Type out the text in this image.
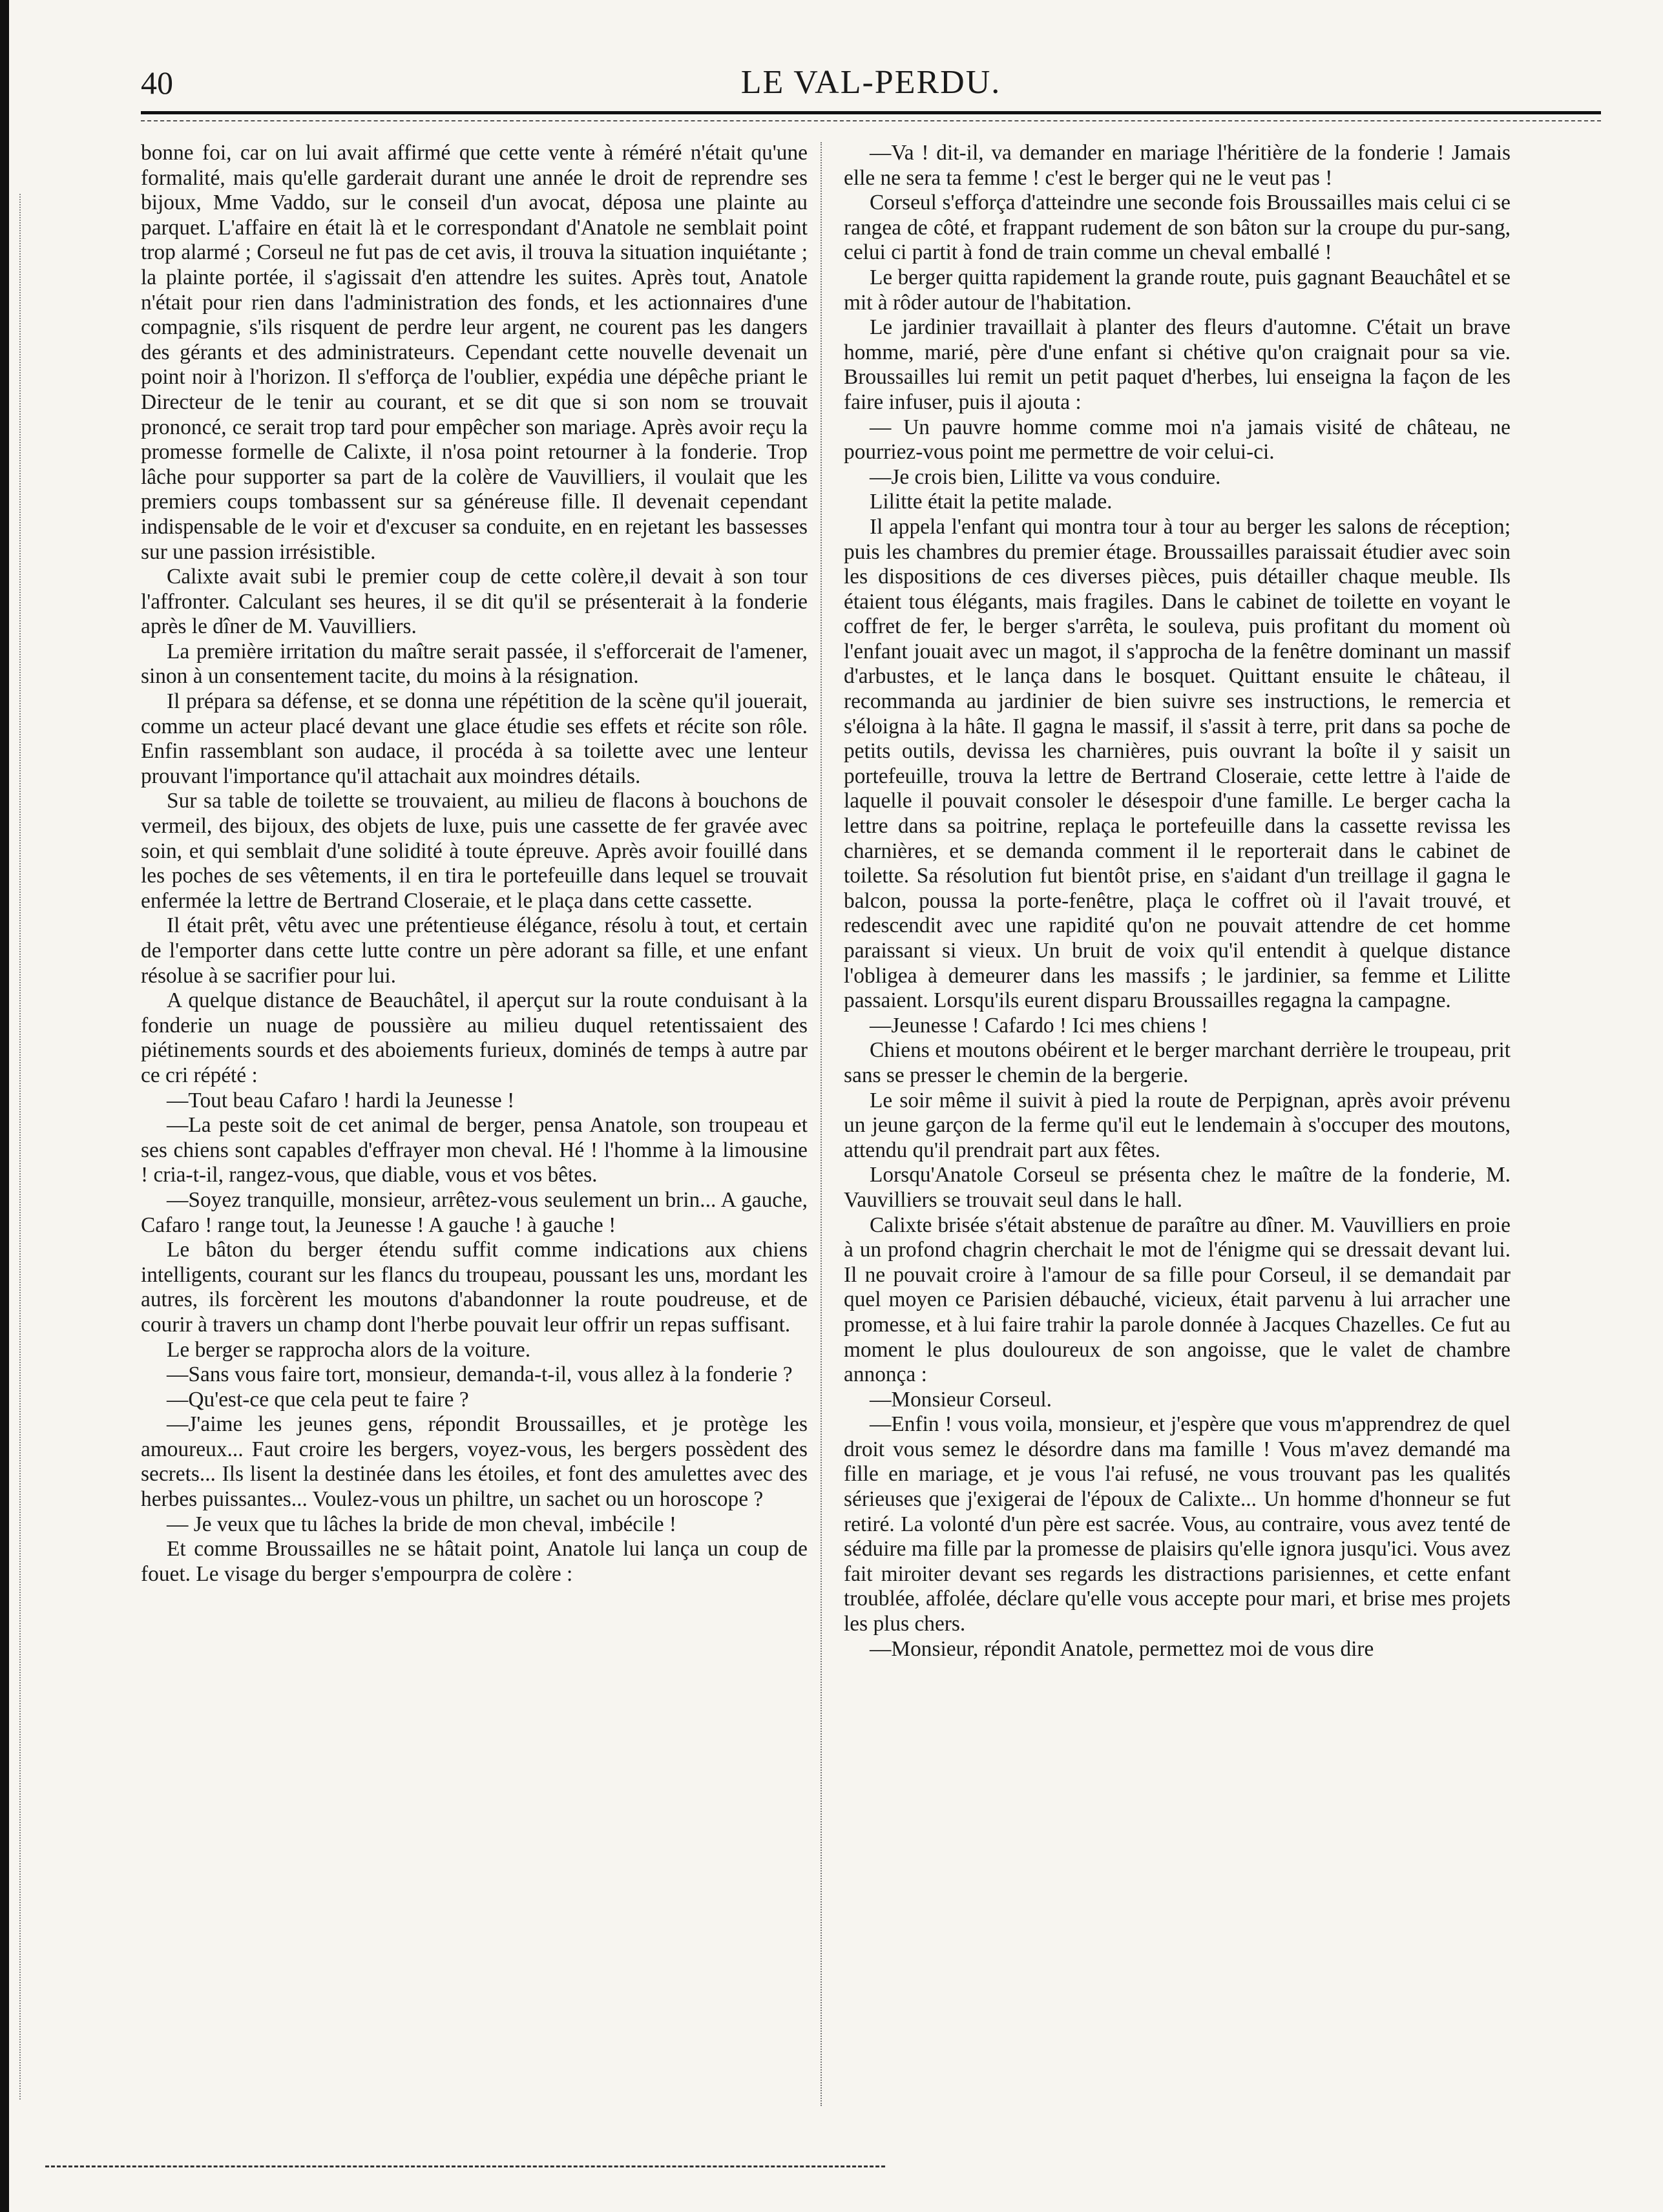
LE VAL-PERDU.
40

bonne foi, car on lui avait affirmé que cette vente à réméré n'était qu'une formalité, mais qu'elle garderait durant une année le droit de reprendre ses bijoux, Mme Vaddo, sur le conseil d'un avocat, déposa une plainte au parquet. L'affaire en était là et le correspondant d'Anatole ne semblait point trop alarmé ; Corseul ne fut pas de cet avis, il trouva la situation inquiétante ; la plainte portée, il s'agissait d'en attendre les suites. Après tout, Anatole n'était pour rien dans l'administration des fonds, et les actionnaires d'une compagnie, s'ils risquent de perdre leur argent, ne courent pas les dangers des gérants et des administrateurs. Cependant cette nouvelle devenait un point noir à l'horizon. Il s'efforça de l'oublier, expédia une dépêche priant le Directeur de le tenir au courant, et se dit que si son nom se trouvait prononcé, ce serait trop tard pour empêcher son mariage. Après avoir reçu la promesse formelle de Calixte, il n'osa point retourner à la fonderie. Trop lâche pour supporter sa part de la colère de Vauvilliers, il voulait que les premiers coups tombassent sur sa généreuse fille. Il devenait cependant indispensable de le voir et d'excuser sa conduite, en en rejetant les bassesses sur une passion irrésistible.

Calixte avait subi le premier coup de cette colère,il devait à son tour l'affronter. Calculant ses heures, il se dit qu'il se présenterait à la fonderie après le dîner de M. Vauvilliers.

La première irritation du maître serait passée, il s'efforcerait de l'amener, sinon à un consentement tacite, du moins à la résignation.

Il prépara sa défense, et se donna une répétition de la scène qu'il jouerait, comme un acteur placé devant une glace étudie ses effets et récite son rôle. Enfin rassemblant son audace, il procéda à sa toilette avec une lenteur prouvant l'importance qu'il attachait aux moindres détails.

Sur sa table de toilette se trouvaient, au milieu de flacons à bouchons de vermeil, des bijoux, des objets de luxe, puis une cassette de fer gravée avec soin, et qui semblait d'une solidité à toute épreuve. Après avoir fouillé dans les poches de ses vêtements, il en tira le portefeuille dans lequel se trouvait enfermée la lettre de Bertrand Closeraie, et le plaça dans cette cassette.

Il était prêt, vêtu avec une prétentieuse élégance, résolu à tout, et certain de l'emporter dans cette lutte contre un père adorant sa fille, et une enfant résolue à se sacrifier pour lui.

A quelque distance de Beauchâtel, il aperçut sur la route conduisant à la fonderie un nuage de poussière au milieu duquel retentissaient des piétinements sourds et des aboiements furieux, dominés de temps à autre par ce cri répété :

—Tout beau Cafaro ! hardi la Jeunesse !

—La peste soit de cet animal de berger, pensa Anatole, son troupeau et ses chiens sont capables d'effrayer mon cheval. Hé ! l'homme à la limousine ! cria-t-il, rangez-vous, que diable, vous et vos bêtes.

—Soyez tranquille, monsieur, arrêtez-vous seulement un brin... A gauche, Cafaro ! range tout, la Jeunesse ! A gauche ! à gauche !

Le bâton du berger étendu suffit comme indications aux chiens intelligents, courant sur les flancs du troupeau, poussant les uns, mordant les autres, ils forcèrent les moutons d'abandonner la route poudreuse, et de courir à travers un champ dont l'herbe pouvait leur offrir un repas suffisant.

Le berger se rapprocha alors de la voiture.

—Sans vous faire tort, monsieur, demanda-t-il, vous allez à la fonderie ?

—Qu'est-ce que cela peut te faire ?

—J'aime les jeunes gens, répondit Broussailles, et je protège les amoureux... Faut croire les bergers, voyez-vous, les bergers possèdent des secrets... Ils lisent la destinée dans les étoiles, et font des amulettes avec des herbes puissantes... Voulez-vous un philtre, un sachet ou un horoscope ?

— Je veux que tu lâches la bride de mon cheval, imbécile !

Et comme Broussailles ne se hâtait point, Anatole lui lança un coup de fouet. Le visage du berger s'empourpra de colère :

—Va ! dit-il, va demander en mariage l'héritière de la fonderie ! Jamais elle ne sera ta femme ! c'est le berger qui ne le veut pas !

Corseul s'efforça d'atteindre une seconde fois Broussailles mais celui ci se rangea de côté, et frappant rudement de son bâton sur la croupe du pur-sang, celui ci partit à fond de train comme un cheval emballé !

Le berger quitta rapidement la grande route, puis gagnant Beauchâtel et se mit à rôder autour de l'habitation.

Le jardinier travaillait à planter des fleurs d'automne. C'était un brave homme, marié, père d'une enfant si chétive qu'on craignait pour sa vie. Broussailles lui remit un petit paquet d'herbes, lui enseigna la façon de les faire infuser, puis il ajouta :

— Un pauvre homme comme moi n'a jamais visité de château, ne pourriez-vous point me permettre de voir celui-ci.

—Je crois bien, Lilitte va vous conduire.

Lilitte était la petite malade.

Il appela l'enfant qui montra tour à tour au berger les salons de réception; puis les chambres du premier étage. Broussailles paraissait étudier avec soin les dispositions de ces diverses pièces, puis détailler chaque meuble. Ils étaient tous élégants, mais fragiles. Dans le cabinet de toilette en voyant le coffret de fer, le berger s'arrêta, le souleva, puis profitant du moment où l'enfant jouait avec un magot, il s'approcha de la fenêtre dominant un massif d'arbustes, et le lança dans le bosquet. Quittant ensuite le château, il recommanda au jardinier de bien suivre ses instructions, le remercia et s'éloigna à la hâte. Il gagna le massif, il s'assit à terre, prit dans sa poche de petits outils, devissa les charnières, puis ouvrant la boîte il y saisit un portefeuille, trouva la lettre de Bertrand Closeraie, cette lettre à l'aide de laquelle il pouvait consoler le désespoir d'une famille. Le berger cacha la lettre dans sa poitrine, replaça le portefeuille dans la cassette revissa les charnières, et se demanda comment il le reporterait dans le cabinet de toilette. Sa résolution fut bientôt prise, en s'aidant d'un treillage il gagna le balcon, poussa la porte-fenêtre, plaça le coffret où il l'avait trouvé, et redescendit avec une rapidité qu'on ne pouvait attendre de cet homme paraissant si vieux. Un bruit de voix qu'il entendit à quelque distance l'obligea à demeurer dans les massifs ; le jardinier, sa femme et Lilitte passaient. Lorsqu'ils eurent disparu Broussailles regagna la campagne.

—Jeunesse ! Cafardo ! Ici mes chiens !

Chiens et moutons obéirent et le berger marchant derrière le troupeau, prit sans se presser le chemin de la bergerie.

Le soir même il suivit à pied la route de Perpignan, après avoir prévenu un jeune garçon de la ferme qu'il eut le lendemain à s'occuper des moutons, attendu qu'il prendrait part aux fêtes.

Lorsqu'Anatole Corseul se présenta chez le maître de la fonderie, M. Vauvilliers se trouvait seul dans le hall.

Calixte brisée s'était abstenue de paraître au dîner. M. Vauvilliers en proie à un profond chagrin cherchait le mot de l'énigme qui se dressait devant lui. Il ne pouvait croire à l'amour de sa fille pour Corseul, il se demandait par quel moyen ce Parisien débauché, vicieux, était parvenu à lui arracher une promesse, et à lui faire trahir la parole donnée à Jacques Chazelles. Ce fut au moment le plus douloureux de son angoisse, que le valet de chambre annonça :

—Monsieur Corseul.

—Enfin ! vous voila, monsieur, et j'espère que vous m'apprendrez de quel droit vous semez le désordre dans ma famille ! Vous m'avez demandé ma fille en mariage, et je vous l'ai refusé, ne vous trouvant pas les qualités sérieuses que j'exigerai de l'époux de Calixte... Un homme d'honneur se fut retiré. La volonté d'un père est sacrée. Vous, au contraire, vous avez tenté de séduire ma fille par la promesse de plaisirs qu'elle ignora jusqu'ici. Vous avez fait miroiter devant ses regards les distractions parisiennes, et cette enfant troublée, affolée, déclare qu'elle vous accepte pour mari, et brise mes projets les plus chers.

—Monsieur, répondit Anatole, permettez moi de vous dire
